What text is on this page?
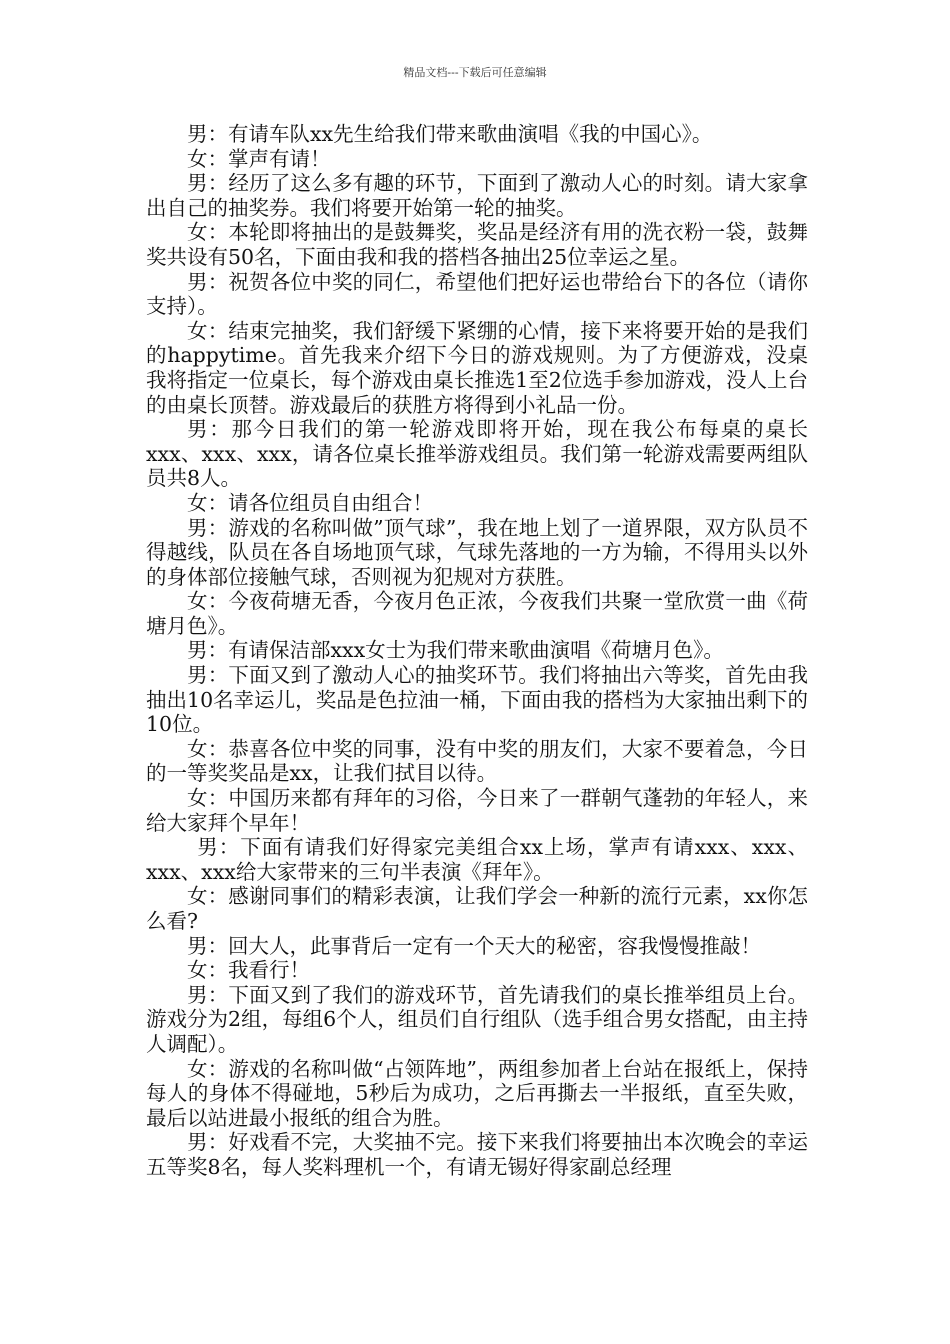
精品文档---下载后可任意编辑

男：有请车队xx先生给我们带来歌曲演唱《我的中国心》。

女：掌声有请！

男：经历了这么多有趣的环节，下面到了激动人心的时刻。请大家拿出自己的抽奖券。我们将要开始第一轮的抽奖。

女：本轮即将抽出的是鼓舞奖，奖品是经济有用的洗衣粉一袋，鼓舞奖共设有50名，下面由我和我的搭档各抽出25位幸运之星。

男：祝贺各位中奖的同仁，希望他们把好运也带给台下的各位（请你支持）。

女：结束完抽奖，我们舒缓下紧绷的心情，接下来将要开始的是我们的happytime。首先我来介绍下今日的游戏规则。为了方便游戏，没桌我将指定一位桌长，每个游戏由桌长推选1至2位选手参加游戏，没人上台的由桌长顶替。游戏最后的获胜方将得到小礼品一份。

男：那今日我们的第一轮游戏即将开始，现在我公布每桌的桌长xxx、xxx、xxx，请各位桌长推举游戏组员。我们第一轮游戏需要两组队员共8人。

女：请各位组员自由组合！

男：游戏的名称叫做”顶气球”，我在地上划了一道界限，双方队员不得越线，队员在各自场地顶气球，气球先落地的一方为输，不得用头以外的身体部位接触气球，否则视为犯规对方获胜。

女：今夜荷塘无香，今夜月色正浓，今夜我们共聚一堂欣赏一曲《荷塘月色》。

男：有请保洁部xxx女士为我们带来歌曲演唱《荷塘月色》。

男：下面又到了激动人心的抽奖环节。我们将抽出六等奖，首先由我抽出10名幸运儿，奖品是色拉油一桶，下面由我的搭档为大家抽出剩下的10位。

女：恭喜各位中奖的同事，没有中奖的朋友们，大家不要着急，今日的一等奖奖品是xx，让我们拭目以待。

女：中国历来都有拜年的习俗，今日来了一群朝气蓬勃的年轻人，来给大家拜个早年！

男：下面有请我们好得家完美组合xx上场，掌声有请xxx、xxx、xxx、xxx给大家带来的三句半表演《拜年》。

女：感谢同事们的精彩表演，让我们学会一种新的流行元素，xx你怎么看?

男：回大人，此事背后一定有一个天大的秘密，容我慢慢推敲！

女：我看行！

男：下面又到了我们的游戏环节，首先请我们的桌长推举组员上台。游戏分为2组，每组6个人，组员们自行组队（选手组合男女搭配，由主持人调配）。

女：游戏的名称叫做“占领阵地”，两组参加者上台站在报纸上，保持每人的身体不得碰地，5秒后为成功，之后再撕去一半报纸，直至失败，最后以站进最小报纸的组合为胜。

男：好戏看不完，大奖抽不完。接下来我们将要抽出本次晚会的幸运五等奖8名，每人奖料理机一个，有请无锡好得家副总经理
